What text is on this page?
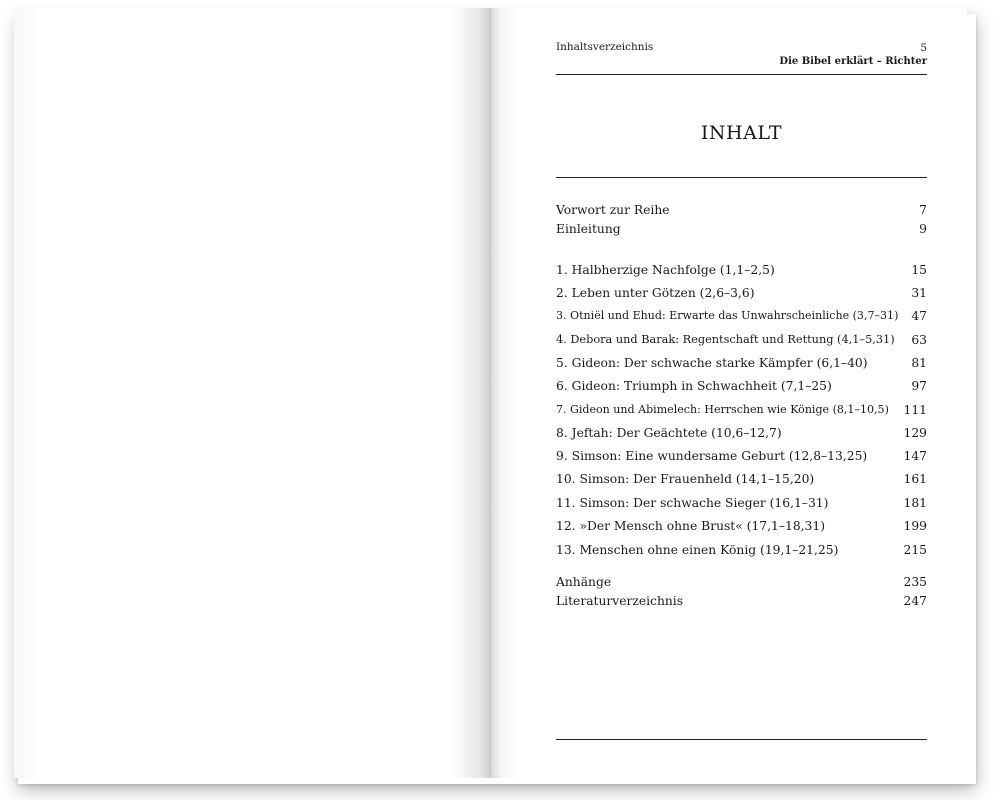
Inhaltsverzeichnis	5
Die Bibel erklärt – Richter
INHALT
Vorwort zur Reihe	7
Einleitung	9
1. Halbherzige Nachfolge (1,1–2,5)	15
2. Leben unter Götzen (2,6–3,6)	31
3. Otniël und Ehud: Erwarte das Unwahrscheinliche (3,7–31) 47
4. Debora und Barak: Regentschaft und Rettung (4,1–5,31) 63
5. Gideon: Der schwache starke Kämpfer (6,1–40)	81
6. Gideon: Triumph in Schwachheit (7,1–25)	97
7. Gideon und Abimelech: Herrschen wie Könige (8,1–10,5) 111
8. Jeftah: Der Geächtete (10,6–12,7)	129
9. Simson: Eine wundersame Geburt (12,8–13,25)	147
10. Simson: Der Frauenheld (14,1–15,20)	161
11. Simson: Der schwache Sieger (16,1–31)	181
12. »Der Mensch ohne Brust« (17,1–18,31)	199
13. Menschen ohne einen König (19,1–21,25)	215
Anhänge	235
Literaturverzeichnis	247
